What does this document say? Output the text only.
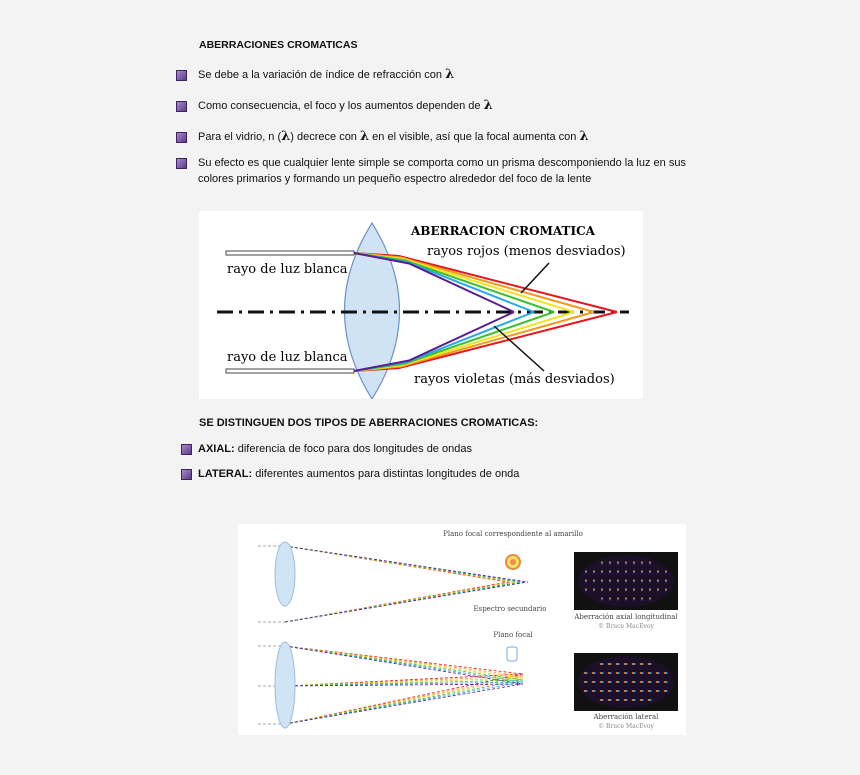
ABERRACIONES CROMATICAS
Se debe a la variación de índice de refracción con λ
Como consecuencia, el foco y los aumentos dependen de λ
Para el vidrio, n (λ) decrece con λ en el visible, así que la focal aumenta con λ
Su efecto es que cualquier lente simple se comporta como un prisma descomponiendo la luz en sus colores primarios y formando un pequeño espectro alrededor del foco de la lente
ABERRACION CROMATICA
rayos rojos (menos desviados)
rayos violetas (más desviados)
rayo de luz blanca
rayo de luz blanca
SE DISTINGUEN DOS TIPOS DE ABERRACIONES CROMATICAS:
AXIAL: diferencia de foco para dos longitudes de ondas
LATERAL: diferentes aumentos para distintas longitudes de onda
Plano focal correspondiente al amarillo
Espectro secundario
Plano focal
Aberración axial longitudinal
© Bruce MacEvoy
Aberración lateral
© Bruce MacEvoy
